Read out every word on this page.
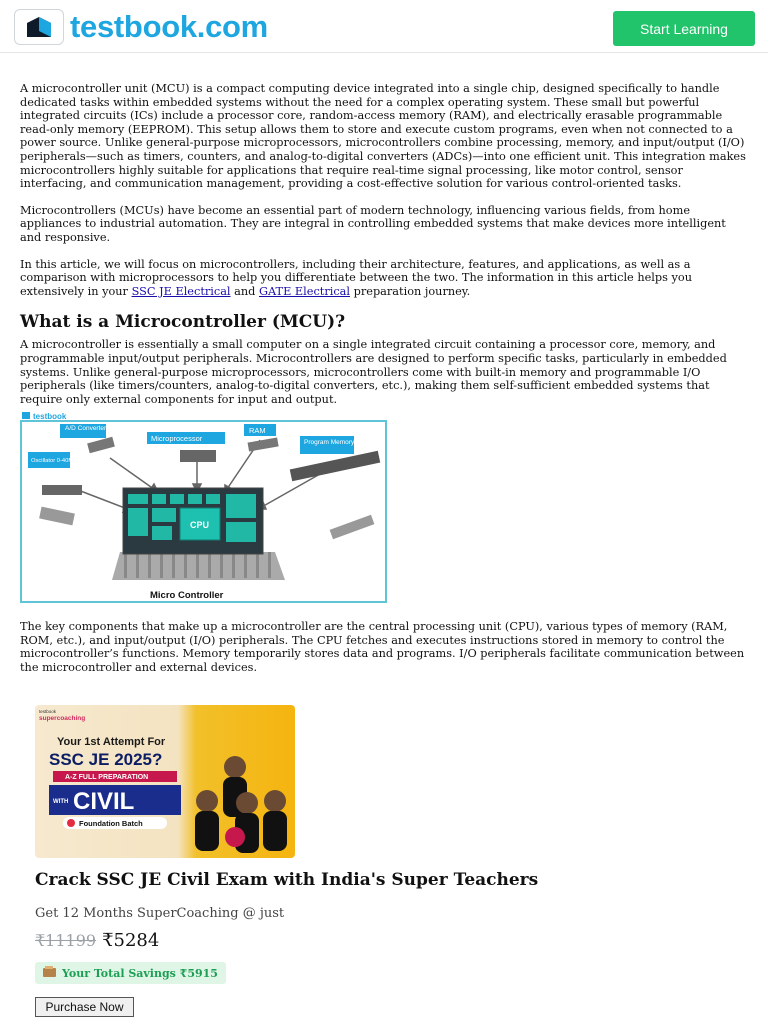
testbook.com	Start Learning

A microcontroller unit (MCU) is a compact computing device integrated into a single chip, designed specifically to handle dedicated tasks within embedded systems without the need for a complex operating system. These small but powerful integrated circuits (ICs) include a processor core, random-access memory (RAM), and electrically erasable programmable read-only memory (EEPROM). This setup allows them to store and execute custom programs, even when not connected to a power source. Unlike general-purpose microprocessors, microcontrollers combine processing, memory, and input/output (I/O) peripherals—such as timers, counters, and analog-to-digital converters (ADCs)—into one efficient unit. This integration makes microcontrollers highly suitable for applications that require real-time signal processing, like motor control, sensor interfacing, and communication management, providing a cost-effective solution for various control-oriented tasks.

Microcontrollers (MCUs) have become an essential part of modern technology, influencing various fields, from home appliances to industrial automation. They are integral in controlling embedded systems that make devices more intelligent and responsive.

In this article, we will focus on microcontrollers, including their architecture, features, and applications, as well as a comparison with microprocessors to help you differentiate between the two. The information in this article helps you extensively in your SSC JE Electrical and GATE Electrical preparation journey.

What is a Microcontroller (MCU)?

A microcontroller is essentially a small computer on a single integrated circuit containing a processor core, memory, and programmable input/output peripherals. Microcontrollers are designed to perform specific tasks, particularly in embedded systems. Unlike general-purpose microprocessors, microcontrollers come with built-in memory and programmable I/O peripherals (like timers/counters, analog-to-digital converters, etc.), making them self-sufficient embedded systems that require only external components for input and output.

testbook
A/D Converter
Microprocessor
RAM
Program Memory
Oscillator 0-40MHz
CPU
Micro Controller

The key components that make up a microcontroller are the central processing unit (CPU), various types of memory (RAM, ROM, etc.), and input/output (I/O) peripherals. The CPU fetches and executes instructions stored in memory to control the microcontroller’s functions. Memory temporarily stores data and programs. I/O peripherals facilitate communication between the microcontroller and external devices.

testbook
supercoaching
Your 1st Attempt For
SSC JE 2025?
A-Z FULL PREPARATION
WITH CIVIL
Foundation Batch
Crack SSC JE Civil Exam with India's Super Teachers
Get 12 Months SuperCoaching @ just
₹11199 ₹5284
Your Total Savings ₹5915
Purchase Now
